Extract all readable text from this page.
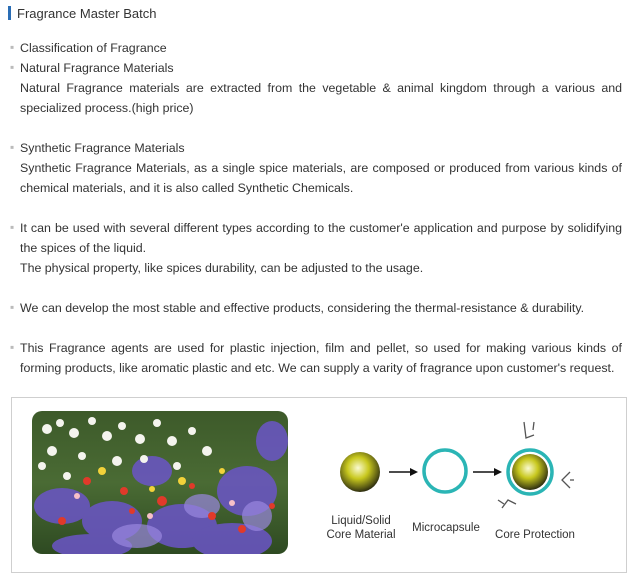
Fragrance Master Batch
▪ Classification of Fragrance
▪ Natural Fragrance Materials
Natural Fragrance materials are extracted from the vegetable & animal kingdom through a various and specialized process.(high price)
▪ Synthetic Fragrance Materials
Synthetic Fragrance Materials, as a single spice materials, are composed or produced from various kinds of chemical materials, and it is also called Synthetic Chemicals.
▪ It can be used with several different types according to the customer'e application and purpose by solidifying the spices of the liquid.
The physical property, like spices durability, can be adjusted to the usage.
▪ We can develop the most stable and effective products, considering the thermal-resistance & durability.
▪ This Fragrance agents are used for plastic injection, film and pellet, so used for making various kinds of forming products, like aromatic plastic and etc. We can supply a varity of fragrance upon customer's request.
Liquid/Solid
Core Material
Microcapsule
Core Protection
